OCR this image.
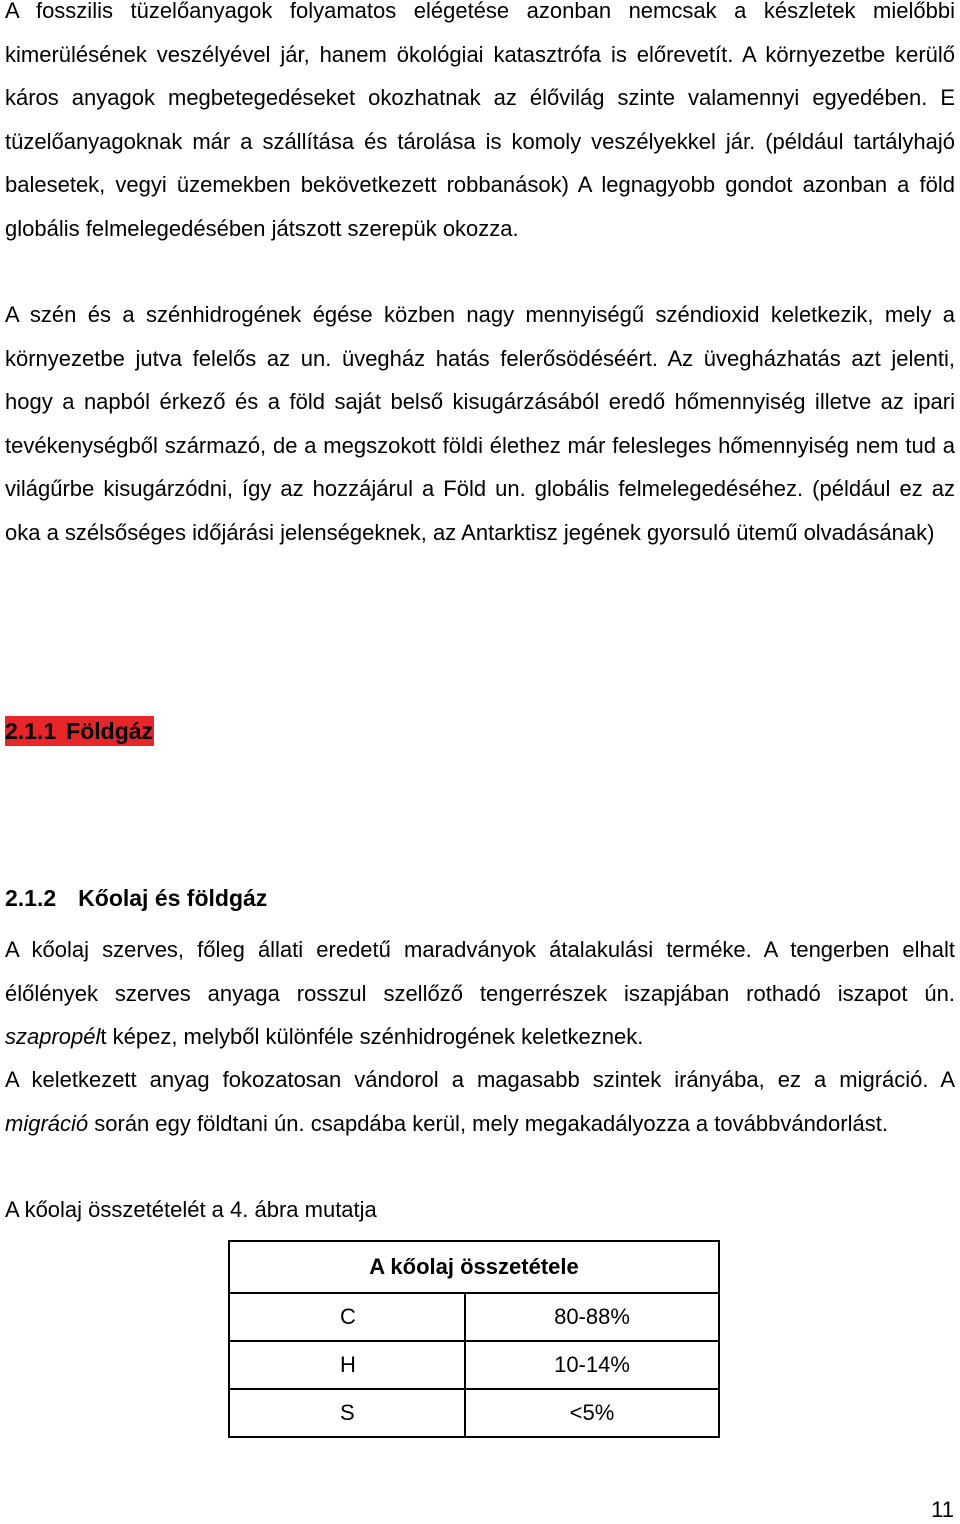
A fosszilis tüzelőanyagok folyamatos elégetése azonban nemcsak a készletek mielőbbi kimerülésének veszélyével jár, hanem ökológiai katasztrófa is előrevetít. A környezetbe kerülő káros anyagok megbetegedéseket okozhatnak az élővilág szinte valamennyi egyedében. E tüzelőanyagoknak már a szállítása és tárolása is komoly veszélyekkel jár. (például tartályhajó balesetek, vegyi üzemekben bekövetkezett robbanások) A legnagyobb gondot azonban a föld globális felmelegedésében játszott szerepük okozza.

A szén és a szénhidrogének égése közben nagy mennyiségű széndioxid keletkezik, mely a környezetbe jutva felelős az un. üvegház hatás felerősödéséért. Az üvegházhatás azt jelenti, hogy a napból érkező és a föld saját belső kisugárzásából eredő hőmennyiség illetve az ipari tevékenységből származó, de a megszokott földi élethez már felesleges hőmennyiség nem tud a világűrbe kisugárzódni, így az hozzájárul a Föld un. globális felmelegedéséhez. (például ez az oka a szélsőséges időjárási jelenségeknek, az Antarktisz jegének gyorsuló ütemű olvadásának)

2.1.1 Földgáz
2.1.2 Kőolaj és földgáz

A kőolaj szerves, főleg állati eredetű maradványok átalakulási terméke. A tengerben elhalt élőlények szerves anyaga rosszul szellőző tengerrészek iszapjában rothadó iszapot ún. szapropélt képez, melyből különféle szénhidrogének keletkeznek.

A keletkezett anyag fokozatosan vándorol a magasabb szintek irányába, ez a migráció. A migráció során egy földtani ún. csapdába kerül, mely megakadályozza a továbbvándorlást.

A kőolaj összetételét a 4. ábra mutatja

A kőolaj összetétele	
C	80-88%
H	10-14%
S	<5%
11
